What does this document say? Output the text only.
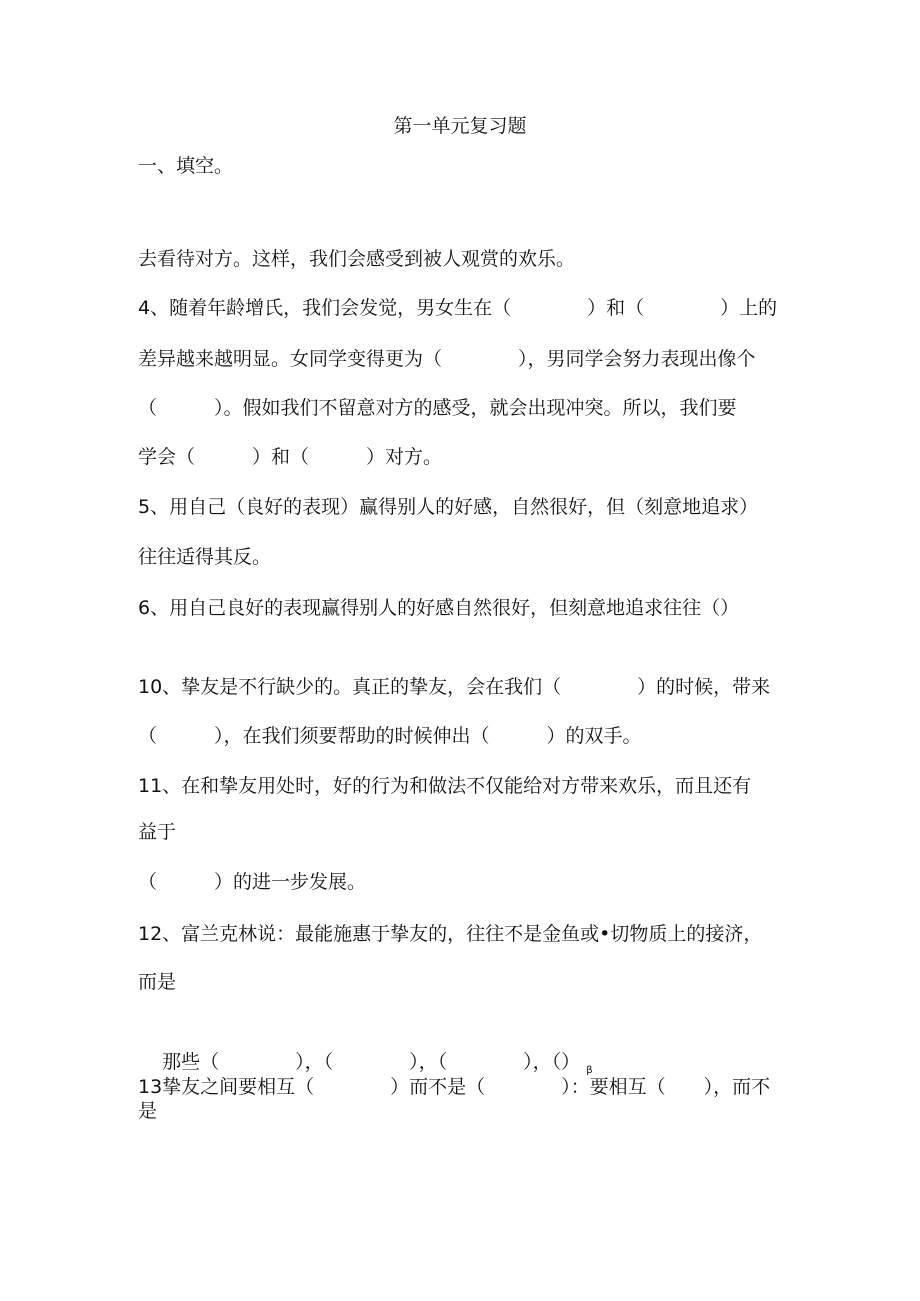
第一单元复习题
一、填空。
去看待对方。这样，我们会感受到被人观赏的欢乐。
4、随着年龄增氏，我们会发觉，男女生在（　　　　）和（　　　　）上的
差异越来越明显。女同学变得更为（　　　　），男同学会努力表现出像个
（　　　）。假如我们不留意对方的感受，就会出现冲突。所以，我们要
学会（　　　）和（　　　）对方。
5、用自己（良好的表现）赢得别人的好感，自然很好，但（刻意地追求）
往往适得其反。
6、用自己良好的表现赢得别人的好感自然很好，但刻意地追求往往（）
10、挚友是不行缺少的。真正的挚友，会在我们（　　　　）的时候，带来
（　　　），在我们须要帮助的时候伸出（　　　）的双手。
11、在和挚友用处时，好的行为和做法不仅能给对方带来欢乐，而且还有
益于
（　　　）的进一步发展。
12、富兰克林说：最能施惠于挚友的，往往不是金鱼或•切物质上的接济，
而是

那些（　　　　），（　　　　），（　　　　），（） $_\beta$

13挚友之间要相互（　　　　）而不是（　　　　）：要相互（　　），而不
是
